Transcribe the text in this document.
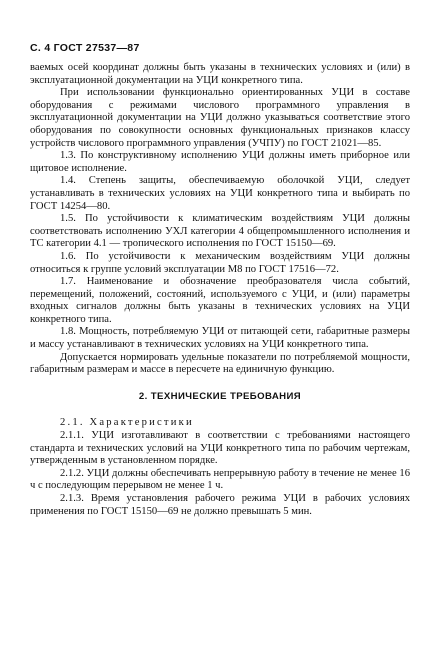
С. 4 ГОСТ 27537—87

ваемых осей координат должны быть указаны в технических условиях и (или) в эксплуатационной документации на УЦИ конкретного типа.

При использовании функционально ориентированных УЦИ в составе оборудования с режимами числового программного управления в эксплуатационной документации на УЦИ должно указываться соответствие этого оборудования по совокупности основных функциональных признаков классу устройств числового программного управления (УЧПУ) по ГОСТ 21021—85.

1.3. По конструктивному исполнению УЦИ должны иметь приборное или щитовое исполнение.

1.4. Степень защиты, обеспечиваемую оболочкой УЦИ, следует устанавливать в технических условиях на УЦИ конкретного типа и выбирать по ГОСТ 14254—80.

1.5. По устойчивости к климатическим воздействиям УЦИ должны соответствовать исполнению УХЛ категории 4 общепромышленного исполнения и ТС категории 4.1 — тропического исполнения по ГОСТ 15150—69.

1.6. По устойчивости к механическим воздействиям УЦИ должны относиться к группе условий эксплуатации М8 по ГОСТ 17516—72.

1.7. Наименование и обозначение преобразователя числа событий, перемещений, положений, состояний, используемого с УЦИ, и (или) параметры входных сигналов должны быть указаны в технических условиях на УЦИ конкретного типа.

1.8. Мощность, потребляемую УЦИ от питающей сети, габаритные размеры и массу устанавливают в технических условиях на УЦИ конкретного типа.

Допускается нормировать удельные показатели по потребляемой мощности, габаритным размерам и массе в пересчете на единичную функцию.

2. ТЕХНИЧЕСКИЕ ТРЕБОВАНИЯ

2.1. Характеристики

2.1.1. УЦИ изготавливают в соответствии с требованиями настоящего стандарта и технических условий на УЦИ конкретного типа по рабочим чертежам, утвержденным в установленном порядке.

2.1.2. УЦИ должны обеспечивать непрерывную работу в течение не менее 16 ч с последующим перерывом не менее 1 ч.

2.1.3. Время установления рабочего режима УЦИ в рабочих условиях применения по ГОСТ 15150—69 не должно превышать 5 мин.
